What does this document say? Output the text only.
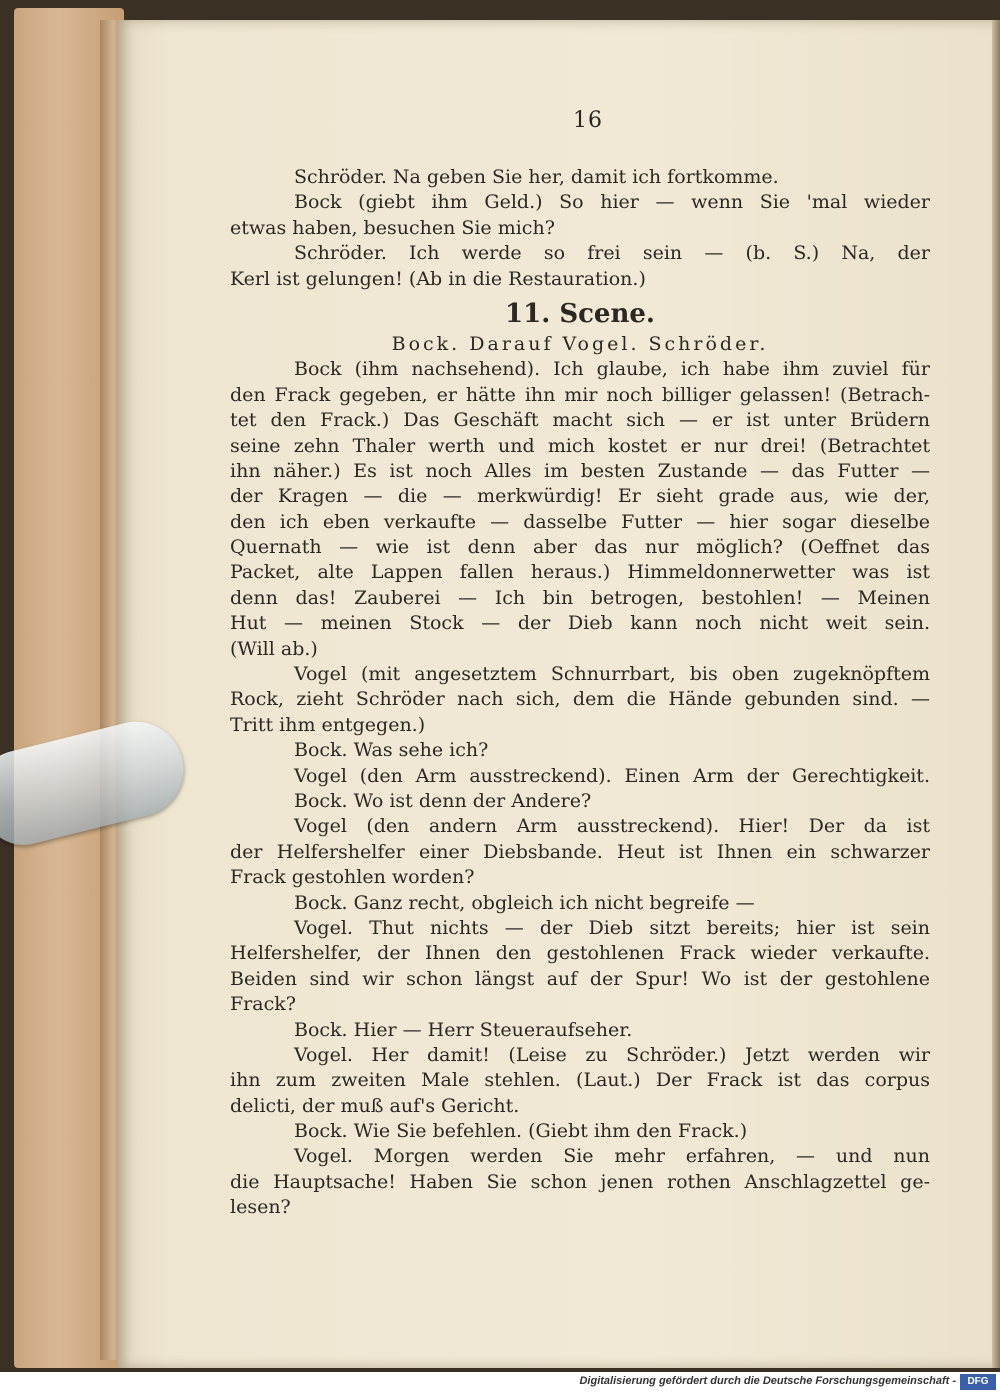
16
Schröder. Na geben Sie her, damit ich fortkomme.
Bock (giebt ihm Geld.) So hier — wenn Sie 'mal wieder
etwas haben, besuchen Sie mich?
Schröder. Ich werde so frei sein — (b. S.) Na, der
Kerl ist gelungen! (Ab in die Restauration.)
11. Scene.
Bock. Darauf Vogel. Schröder.
Bock (ihm nachsehend). Ich glaube, ich habe ihm zuviel für
den Frack gegeben, er hätte ihn mir noch billiger gelassen! (Betrach-
tet den Frack.) Das Geschäft macht sich — er ist unter Brüdern
seine zehn Thaler werth und mich kostet er nur drei! (Betrachtet
ihn näher.) Es ist noch Alles im besten Zustande — das Futter —
der Kragen — die — merkwürdig! Er sieht grade aus, wie der,
den ich eben verkaufte — dasselbe Futter — hier sogar dieselbe
Quernath — wie ist denn aber das nur möglich? (Oeffnet das
Packet, alte Lappen fallen heraus.) Himmeldonnerwetter was ist
denn das! Zauberei — Ich bin betrogen, bestohlen! — Meinen
Hut — meinen Stock — der Dieb kann noch nicht weit sein.
(Will ab.)
Vogel (mit angesetztem Schnurrbart, bis oben zugeknöpftem
Rock, zieht Schröder nach sich, dem die Hände gebunden sind. —
Tritt ihm entgegen.)
Bock. Was sehe ich?
Vogel (den Arm ausstreckend). Einen Arm der Gerechtigkeit.
Bock. Wo ist denn der Andere?
Vogel (den andern Arm ausstreckend). Hier! Der da ist
der Helfershelfer einer Diebsbande. Heut ist Ihnen ein schwarzer
Frack gestohlen worden?
Bock. Ganz recht, obgleich ich nicht begreife —
Vogel. Thut nichts — der Dieb sitzt bereits; hier ist sein
Helfershelfer, der Ihnen den gestohlenen Frack wieder verkaufte.
Beiden sind wir schon längst auf der Spur! Wo ist der gestohlene
Frack?
Bock. Hier — Herr Steueraufseher.
Vogel. Her damit! (Leise zu Schröder.) Jetzt werden wir
ihn zum zweiten Male stehlen. (Laut.) Der Frack ist das corpus
delicti, der muß auf's Gericht.
Bock. Wie Sie befehlen. (Giebt ihm den Frack.)
Vogel. Morgen werden Sie mehr erfahren, — und nun
die Hauptsache! Haben Sie schon jenen rothen Anschlagzettel ge-
lesen?
Digitalisierung gefördert durch die Deutsche Forschungsgemeinschaft -	DFG
